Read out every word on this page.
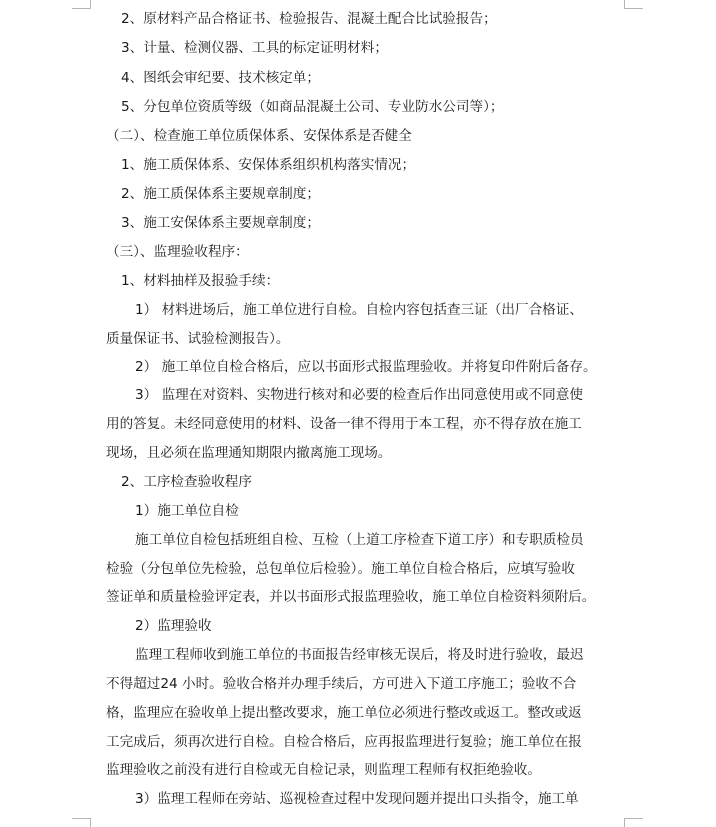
2、原材料产品合格证书、检验报告、混凝土配合比试验报告；
3、计量、检测仪器、工具的标定证明材料；
4、图纸会审纪要、技术核定单；
5、分包单位资质等级（如商品混凝土公司、专业防水公司等）；
（二）、检查施工单位质保体系、安保体系是否健全
1、施工质保体系、安保体系组织机构落实情况；
2、施工质保体系主要规章制度；
3、施工安保体系主要规章制度；
（三）、监理验收程序：
1、材料抽样及报验手续：
1） 材料进场后，施工单位进行自检。自检内容包括查三证（出厂合格证、
质量保证书、试验检测报告）。
2） 施工单位自检合格后，应以书面形式报监理验收。并将复印件附后备存。
3） 监理在对资料、实物进行核对和必要的检查后作出同意使用或不同意使
用的答复。未经同意使用的材料、设备一律不得用于本工程，亦不得存放在施工
现场，且必须在监理通知期限内撤离施工现场。
2、工序检查验收程序
1）施工单位自检
施工单位自检包括班组自检、互检（上道工序检查下道工序）和专职质检员
检验（分包单位先检验，总包单位后检验）。施工单位自检合格后，应填写验收
签证单和质量检验评定表，并以书面形式报监理验收，施工单位自检资料须附后。
2）监理验收
监理工程师收到施工单位的书面报告经审核无误后，将及时进行验收，最迟
不得超过24 小时。验收合格并办理手续后，方可进入下道工序施工；验收不合
格，监理应在验收单上提出整改要求，施工单位必须进行整改或返工。整改或返
工完成后，须再次进行自检。自检合格后，应再报监理进行复验；施工单位在报
监理验收之前没有进行自检或无自检记录，则监理工程师有权拒绝验收。
3）监理工程师在旁站、巡视检查过程中发现问题并提出口头指令，施工单
